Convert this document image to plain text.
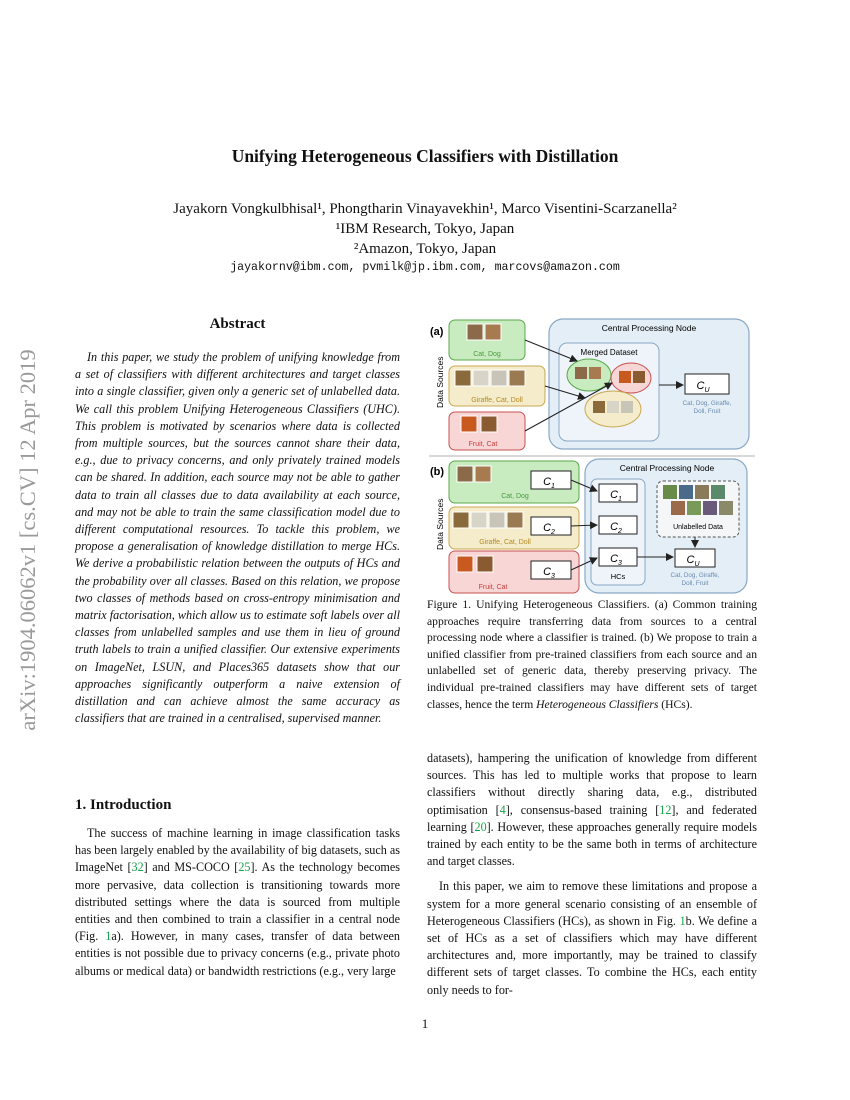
Unifying Heterogeneous Classifiers with Distillation
Jayakorn Vongkulbhisal¹, Phongtharin Vinayavekhin¹, Marco Visentini-Scarzanella²
¹IBM Research, Tokyo, Japan
²Amazon, Tokyo, Japan
jayakornv@ibm.com, pvmilk@jp.ibm.com, marcovs@amazon.com
arXiv:1904.06062v1 [cs.CV] 12 Apr 2019
Abstract

In this paper, we study the problem of unifying knowledge from a set of classifiers with different architectures and target classes into a single classifier, given only a generic set of unlabelled data. We call this problem Unifying Heterogeneous Classifiers (UHC). This problem is motivated by scenarios where data is collected from multiple sources, but the sources cannot share their data, e.g., due to privacy concerns, and only privately trained models can be shared. In addition, each source may not be able to gather data to train all classes due to data availability at each source, and may not be able to train the same classification model due to different computational resources. To tackle this problem, we propose a generalisation of knowledge distillation to merge HCs. We derive a probabilistic relation between the outputs of HCs and the probability over all classes. Based on this relation, we propose two classes of methods based on cross-entropy minimisation and matrix factorisation, which allow us to estimate soft labels over all classes from unlabelled samples and use them in lieu of ground truth labels to train a unified classifier. Our extensive experiments on ImageNet, LSUN, and Places365 datasets show that our approaches significantly outperform a naive extension of distillation and can achieve almost the same accuracy as classifiers that are trained in a centralised, supervised manner.

1. Introduction

The success of machine learning in image classification tasks has been largely enabled by the availability of big datasets, such as ImageNet [32] and MS-COCO [25]. As the technology becomes more pervasive, data collection is transitioning towards more distributed settings where the data is sourced from multiple entities and then combined to train a classifier in a central node (Fig. 1a). However, in many cases, transfer of data between entities is not possible due to privacy concerns (e.g., private photo albums or medical data) or bandwidth restrictions (e.g., very large

(a)
Data Sources
Central Processing Node
Cat, Dog
Giraffe, Cat, Doll
Fruit, Cat
Merged Dataset
$C_U$
Cat, Dog, Giraffe,
Doll, Fruit
(b)
Data Sources
Central Processing Node
Cat, Dog
$C_1$
Giraffe, Cat, Doll
$C_2$
Fruit, Cat
$C_3$
$C_1$
$C_2$
$C_3$
HCs
Unlabelled Data
$C_U$
Cat, Dog, Giraffe,
Doll, Fruit

Figure 1. Unifying Heterogeneous Classifiers. (a) Common training approaches require transferring data from sources to a central processing node where a classifier is trained. (b) We propose to train a unified classifier from pre-trained classifiers from each source and an unlabelled set of generic data, thereby preserving privacy. The individual pre-trained classifiers may have different sets of target classes, hence the term Heterogeneous Classifiers (HCs).

datasets), hampering the unification of knowledge from different sources. This has led to multiple works that propose to learn classifiers without directly sharing data, e.g., distributed optimisation [4], consensus-based training [12], and federated learning [20]. However, these approaches generally require models trained by each entity to be the same both in terms of architecture and target classes.

In this paper, we aim to remove these limitations and propose a system for a more general scenario consisting of an ensemble of Heterogeneous Classifiers (HCs), as shown in Fig. 1b. We define a set of HCs as a set of classifiers which may have different architectures and, more importantly, may be trained to classify different sets of target classes. To combine the HCs, each entity only needs to for-

1
